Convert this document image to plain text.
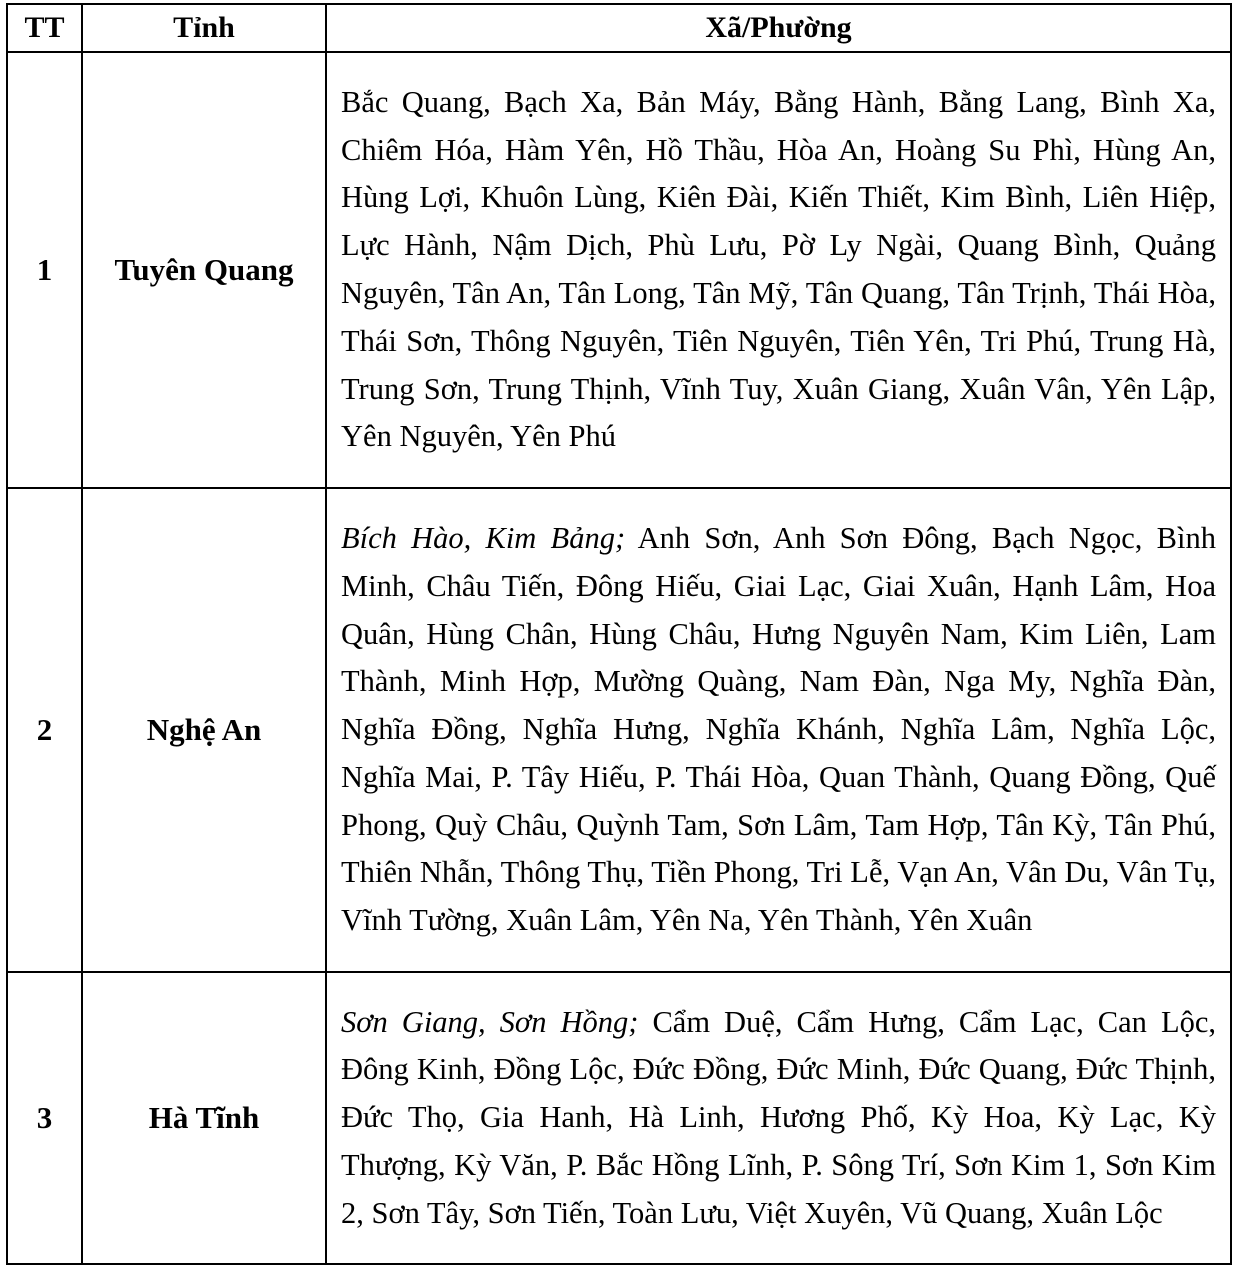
TT	Tỉnh	Xã/Phường
1	Tuyên Quang	Bắc Quang, Bạch Xa, Bản Máy, Bằng Hành, Bằng Lang, Bình Xa, Chiêm Hóa, Hàm Yên, Hồ Thầu, Hòa An, Hoàng Su Phì, Hùng An, Hùng Lợi, Khuôn Lùng, Kiên Đài, Kiến Thiết, Kim Bình, Liên Hiệp, Lực Hành, Nậm Dịch, Phù Lưu, Pờ Ly Ngài, Quang Bình, Quảng Nguyên, Tân An, Tân Long, Tân Mỹ, Tân Quang, Tân Trịnh, Thái Hòa, Thái Sơn, Thông Nguyên, Tiên Nguyên, Tiên Yên, Tri Phú, Trung Hà, Trung Sơn, Trung Thịnh, Vĩnh Tuy, Xuân Giang, Xuân Vân, Yên Lập, Yên Nguyên, Yên Phú
2	Nghệ An	Bích Hào, Kim Bảng; Anh Sơn, Anh Sơn Đông, Bạch Ngọc, Bình Minh, Châu Tiến, Đông Hiếu, Giai Lạc, Giai Xuân, Hạnh Lâm, Hoa Quân, Hùng Chân, Hùng Châu, Hưng Nguyên Nam, Kim Liên, Lam Thành, Minh Hợp, Mường Quàng, Nam Đàn, Nga My, Nghĩa Đàn, Nghĩa Đồng, Nghĩa Hưng, Nghĩa Khánh, Nghĩa Lâm, Nghĩa Lộc, Nghĩa Mai, P. Tây Hiếu, P. Thái Hòa, Quan Thành, Quang Đồng, Quế Phong, Quỳ Châu, Quỳnh Tam, Sơn Lâm, Tam Hợp, Tân Kỳ, Tân Phú, Thiên Nhẫn, Thông Thụ, Tiền Phong, Tri Lễ, Vạn An, Vân Du, Vân Tụ, Vĩnh Tường, Xuân Lâm, Yên Na, Yên Thành, Yên Xuân
3	Hà Tĩnh	Sơn Giang, Sơn Hồng; Cẩm Duệ, Cẩm Hưng, Cẩm Lạc, Can Lộc, Đông Kinh, Đồng Lộc, Đức Đồng, Đức Minh, Đức Quang, Đức Thịnh, Đức Thọ, Gia Hanh, Hà Linh, Hương Phố, Kỳ Hoa, Kỳ Lạc, Kỳ Thượng, Kỳ Văn, P. Bắc Hồng Lĩnh, P. Sông Trí, Sơn Kim 1, Sơn Kim 2, Sơn Tây, Sơn Tiến, Toàn Lưu, Việt Xuyên, Vũ Quang, Xuân Lộc
